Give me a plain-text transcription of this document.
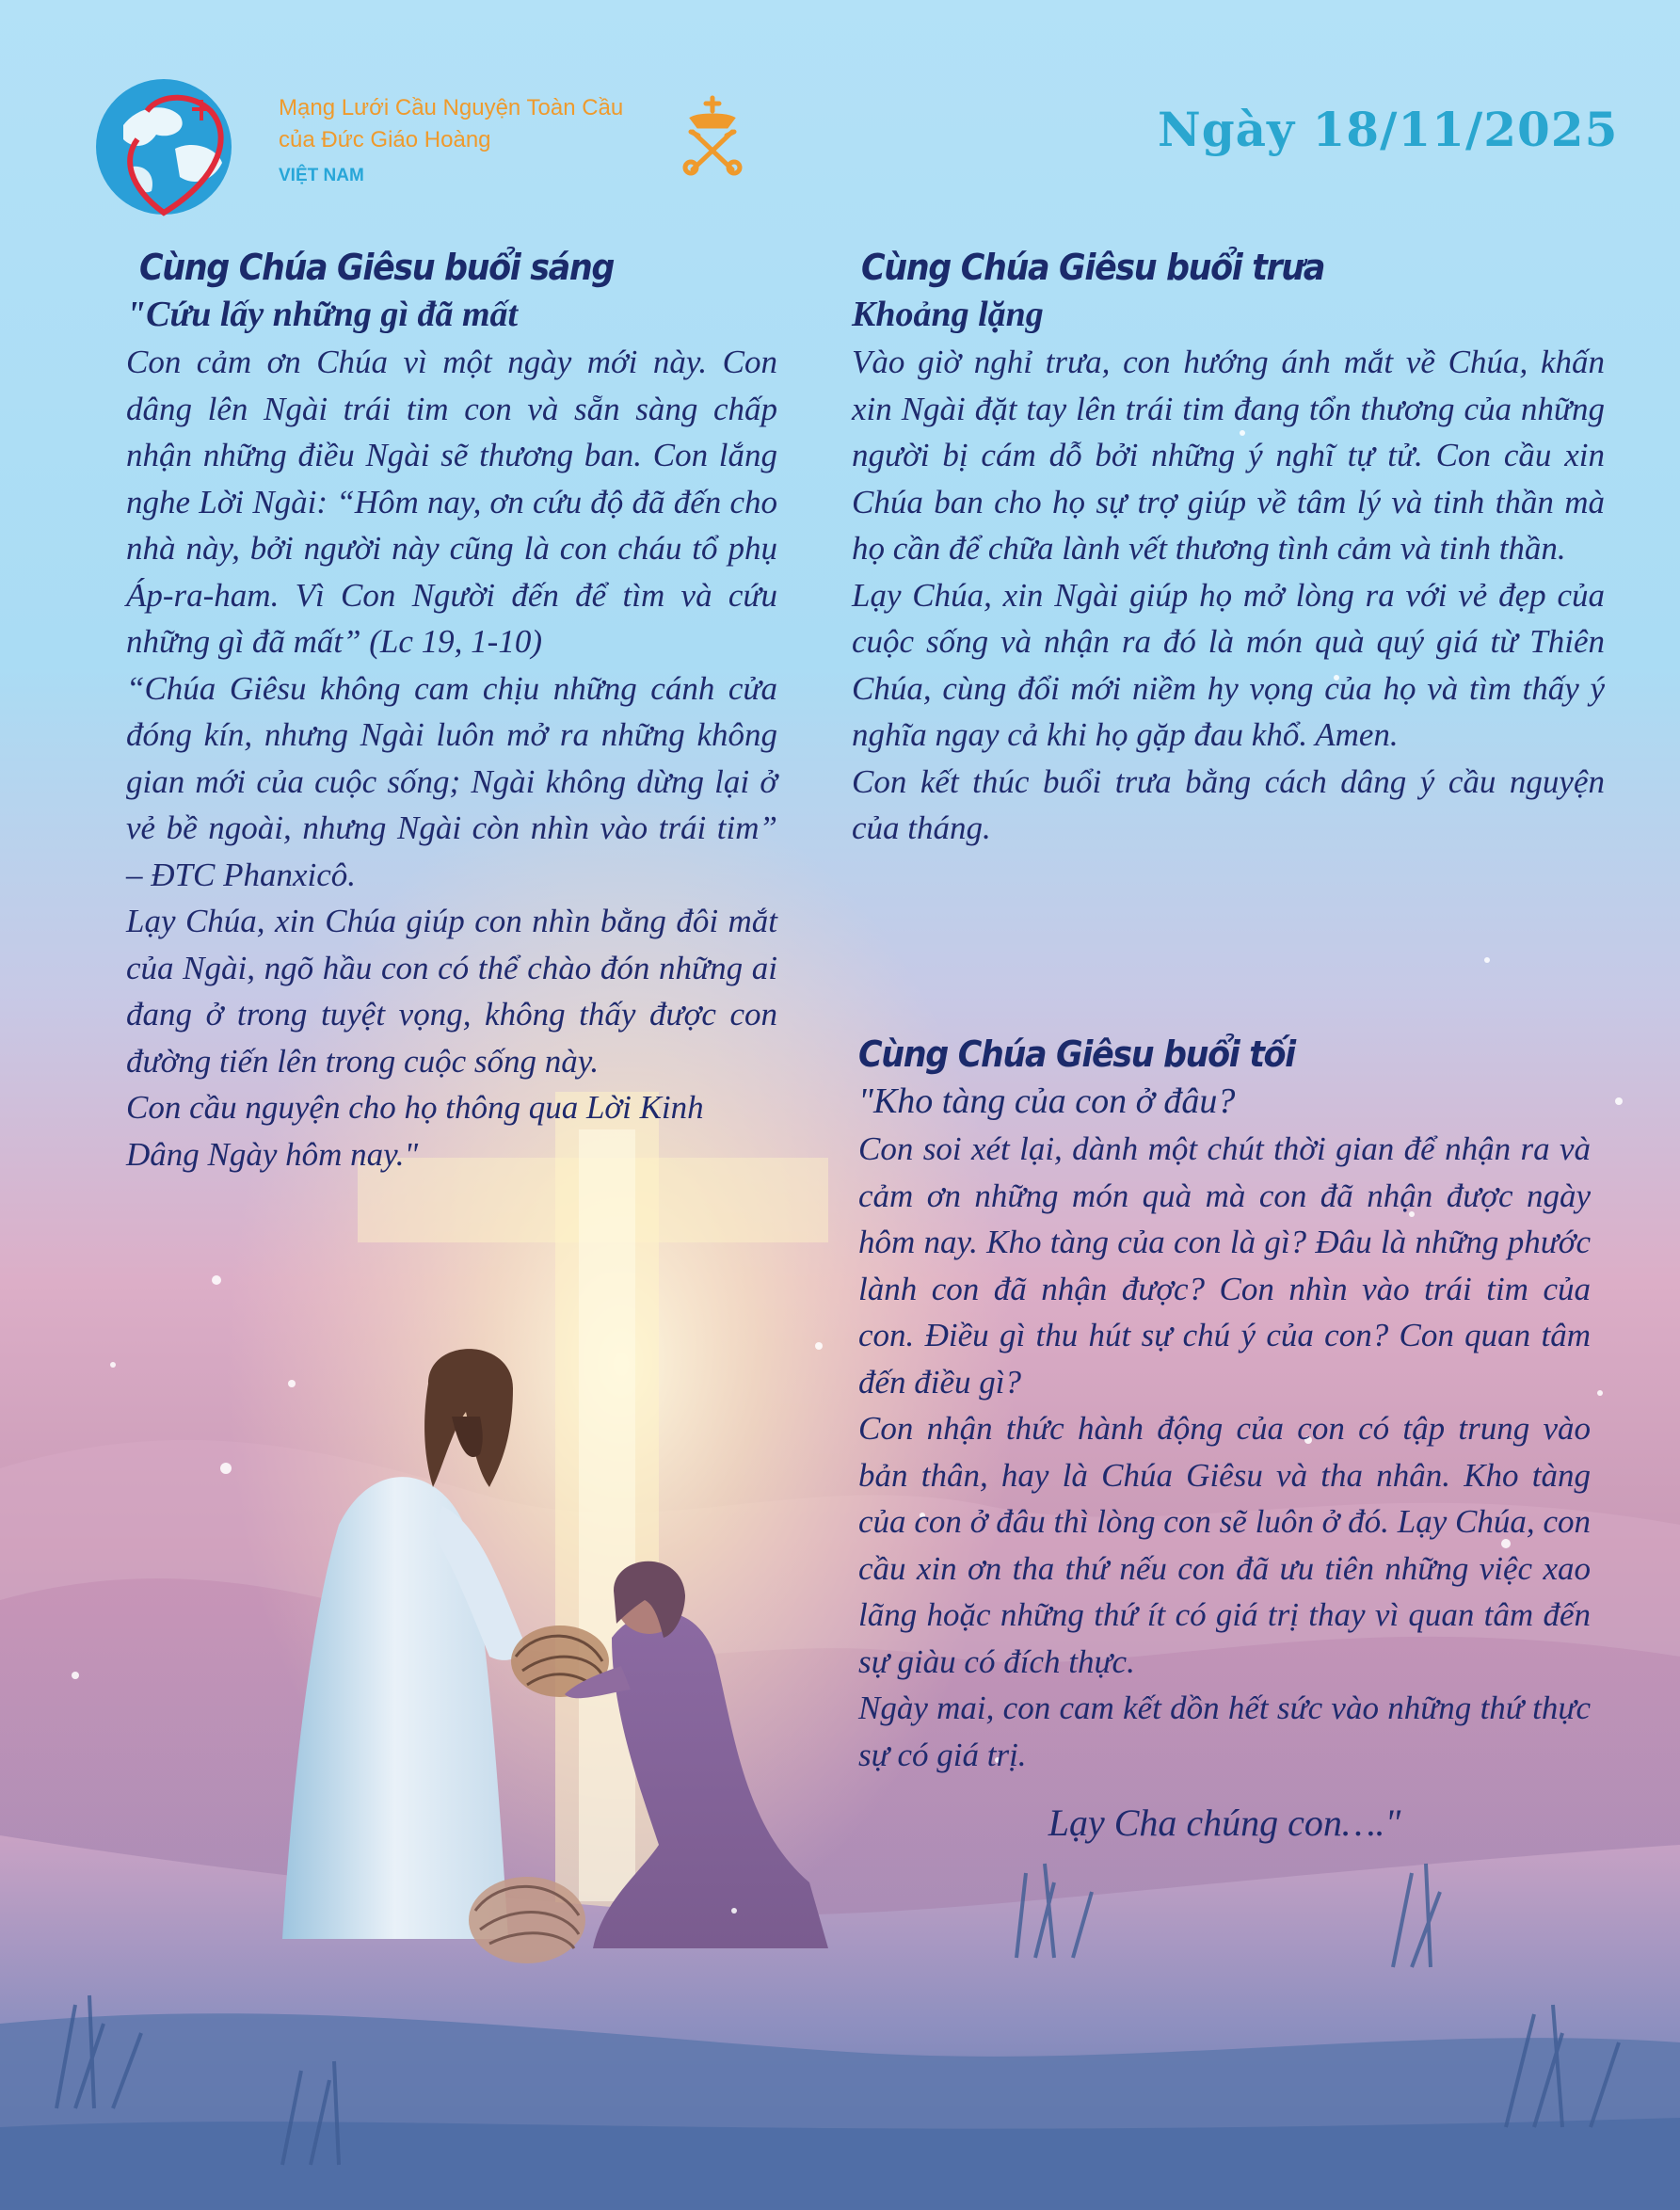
Mạng Lưới Cầu Nguyện Toàn Cầu
của Đức Giáo Hoàng
VIỆT NAM
Ngày 18/11/2025
Cùng Chúa Giêsu buổi sáng
"Cứu lấy những gì đã mất

Con cảm ơn Chúa vì một ngày mới này. Con dâng lên Ngài trái tim con và sẵn sàng chấp nhận những điều Ngài sẽ thương ban. Con lắng nghe Lời Ngài: “Hôm nay, ơn cứu độ đã đến cho nhà này, bởi người này cũng là con cháu tổ phụ Áp-ra-ham. Vì Con Người đến để tìm và cứu những gì đã mất” (Lc 19, 1-10)

“Chúa Giêsu không cam chịu những cánh cửa đóng kín, nhưng Ngài luôn mở ra những không gian mới của cuộc sống; Ngài không dừng lại ở vẻ bề ngoài, nhưng Ngài còn nhìn vào trái tim” – ĐTC Phanxicô.

Lạy Chúa, xin Chúa giúp con nhìn bằng đôi mắt của Ngài, ngõ hầu con có thể chào đón những ai đang ở trong tuyệt vọng, không thấy được con đường tiến lên trong cuộc sống này.

Con cầu nguyện cho họ thông qua Lời Kinh Dâng Ngày hôm nay."

Cùng Chúa Giêsu buổi trưa
Khoảng lặng

Vào giờ nghỉ trưa, con hướng ánh mắt về Chúa, khấn xin Ngài đặt tay lên trái tim đang tổn thương của những người bị cám dỗ bởi những ý nghĩ tự tử. Con cầu xin Chúa ban cho họ sự trợ giúp về tâm lý và tinh thần mà họ cần để chữa lành vết thương tình cảm và tinh thần.

Lạy Chúa, xin Ngài giúp họ mở lòng ra với vẻ đẹp của cuộc sống và nhận ra đó là món quà quý giá từ Thiên Chúa, cùng đổi mới niềm hy vọng của họ và tìm thấy ý nghĩa ngay cả khi họ gặp đau khổ. Amen.

Con kết thúc buổi trưa bằng cách dâng ý cầu nguyện của tháng.

Cùng Chúa Giêsu buổi tối
"Kho tàng của con ở đâu?

Con soi xét lại, dành một chút thời gian để nhận ra và cảm ơn những món quà mà con đã nhận được ngày hôm nay. Kho tàng của con là gì? Đâu là những phước lành con đã nhận được? Con nhìn vào trái tim của con. Điều gì thu hút sự chú ý của con? Con quan tâm đến điều gì?

Con nhận thức hành động của con có tập trung vào bản thân, hay là Chúa Giêsu và tha nhân. Kho tàng của con ở đâu thì lòng con sẽ luôn ở đó. Lạy Chúa, con cầu xin ơn tha thứ nếu con đã ưu tiên những việc xao lãng hoặc những thứ ít có giá trị thay vì quan tâm đến sự giàu có đích thực.

Ngày mai, con cam kết dồn hết sức vào những thứ thực sự có giá trị.

Lạy Cha chúng con…."
